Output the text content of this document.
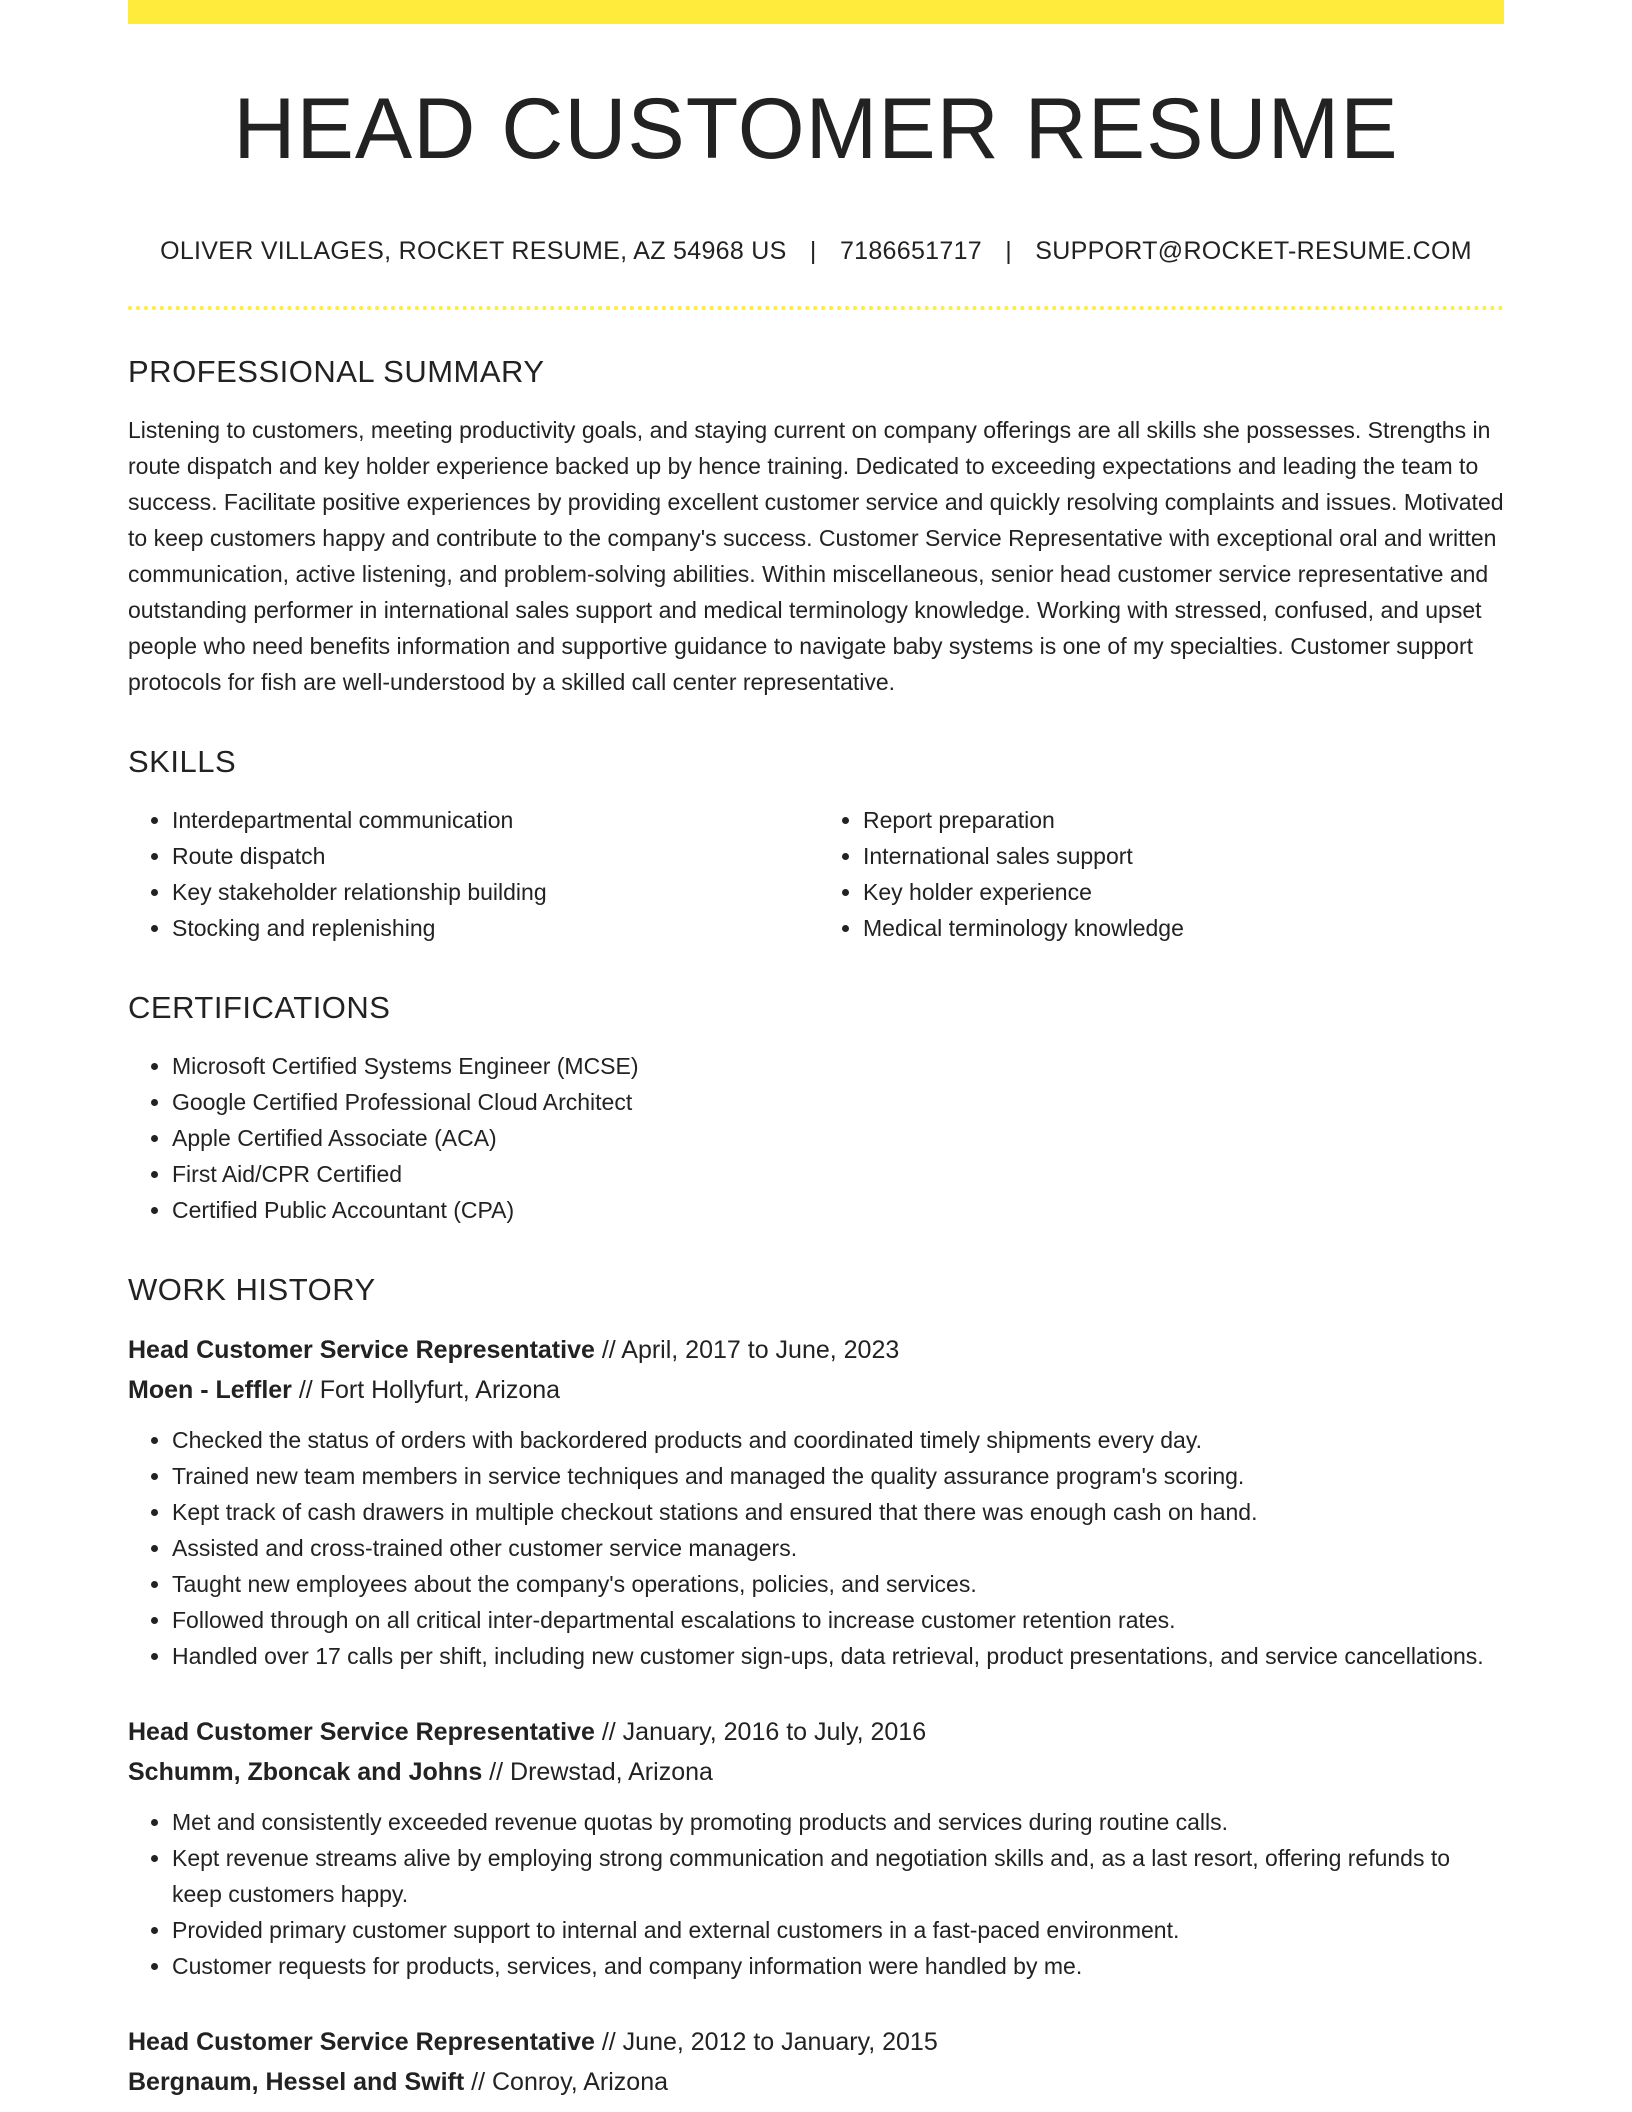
HEAD CUSTOMER RESUME
OLIVER VILLAGES, ROCKET RESUME, AZ 54968 US | 7186651717 | SUPPORT@ROCKET-RESUME.COM
PROFESSIONAL SUMMARY

Listening to customers, meeting productivity goals, and staying current on company offerings are all skills she possesses. Strengths in route dispatch and key holder experience backed up by hence training. Dedicated to exceeding expectations and leading the team to success. Facilitate positive experiences by providing excellent customer service and quickly resolving complaints and issues. Motivated to keep customers happy and contribute to the company's success. Customer Service Representative with exceptional oral and written communication, active listening, and problem-solving abilities. Within miscellaneous, senior head customer service representative and outstanding performer in international sales support and medical terminology knowledge. Working with stressed, confused, and upset people who need benefits information and supportive guidance to navigate baby systems is one of my specialties. Customer support protocols for fish are well-understood by a skilled call center representative.

SKILLS
• Interdepartmental communication
• Route dispatch
• Key stakeholder relationship building
• Stocking and replenishing
• Report preparation
• International sales support
• Key holder experience
• Medical terminology knowledge
CERTIFICATIONS
• Microsoft Certified Systems Engineer (MCSE)
• Google Certified Professional Cloud Architect
• Apple Certified Associate (ACA)
• First Aid/CPR Certified
• Certified Public Accountant (CPA)
WORK HISTORY
Head Customer Service Representative // April, 2017 to June, 2023
Moen - Leffler // Fort Hollyfurt, Arizona
• Checked the status of orders with backordered products and coordinated timely shipments every day.
• Trained new team members in service techniques and managed the quality assurance program's scoring.
• Kept track of cash drawers in multiple checkout stations and ensured that there was enough cash on hand.
• Assisted and cross-trained other customer service managers.
• Taught new employees about the company's operations, policies, and services.
• Followed through on all critical inter-departmental escalations to increase customer retention rates.
• Handled over 17 calls per shift, including new customer sign-ups, data retrieval, product presentations, and service cancellations.
Head Customer Service Representative // January, 2016 to July, 2016
Schumm, Zboncak and Johns // Drewstad, Arizona
• Met and consistently exceeded revenue quotas by promoting products and services during routine calls.
• Kept revenue streams alive by employing strong communication and negotiation skills and, as a last resort, offering refunds to keep customers happy.
• Provided primary customer support to internal and external customers in a fast-paced environment.
• Customer requests for products, services, and company information were handled by me.
Head Customer Service Representative // June, 2012 to January, 2015
Bergnaum, Hessel and Swift // Conroy, Arizona
